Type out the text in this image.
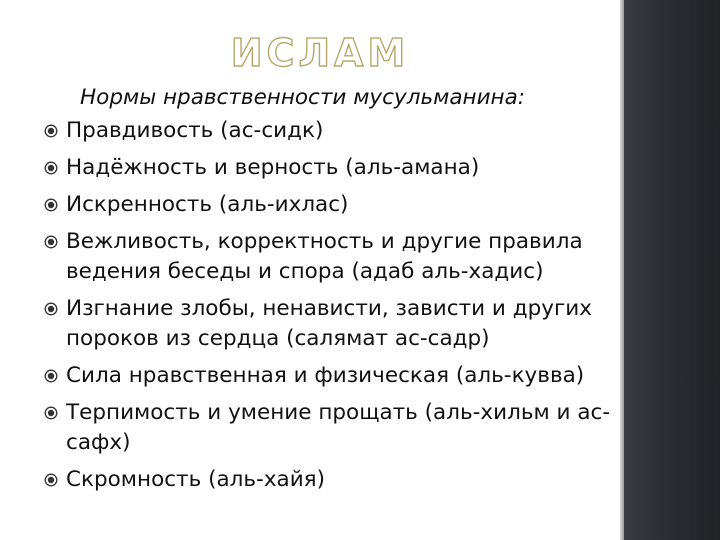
ИСЛАМ

Нормы нравственности мусульманина:

Правдивость (ас-сидк)
Надёжность и верность (аль-амана)
Искренность (аль-ихлас)
Вежливость, корректность и другие правила ведения беседы и спора (адаб аль-хадис)
Изгнание злобы, ненависти, зависти и других пороков из сердца (салямат ас-садр)
Сила нравственная и физическая (аль-кувва)
Терпимость и умение прощать (аль-хильм и ас-сафх)
Скромность (аль-хайя)
